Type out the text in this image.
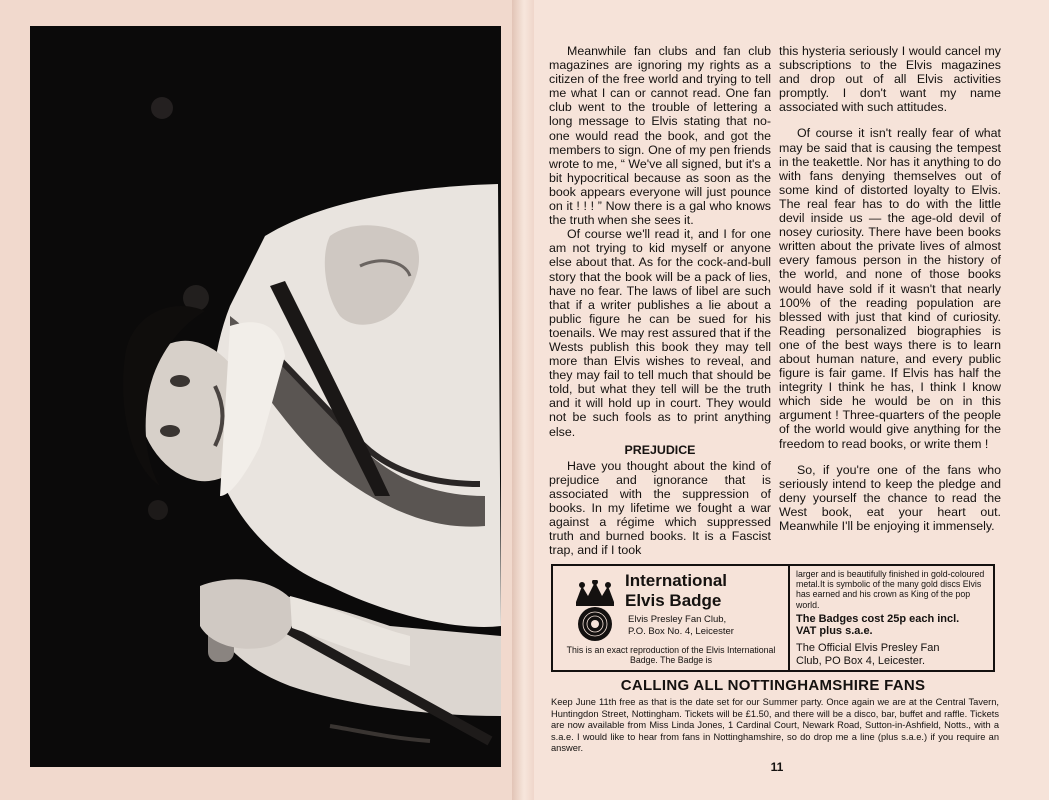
Meanwhile fan clubs and fan club magazines are ignoring my rights as a citizen of the free world and trying to tell me what I can or cannot read. One fan club went to the trouble of lettering a long message to Elvis stating that no-one would read the book, and got the members to sign. One of my pen friends wrote to me, “ We've all signed, but it's a bit hypocritical because as soon as the book appears everyone will just pounce on it ! ! ! ” Now there is a gal who knows the truth when she sees it.

Of course we'll read it, and I for one am not trying to kid myself or anyone else about that. As for the cock-and-bull story that the book will be a pack of lies, have no fear. The laws of libel are such that if a writer publishes a lie about a public figure he can be sued for his toenails. We may rest assured that if the Wests publish this book they may tell more than Elvis wishes to reveal, and they may fail to tell much that should be told, but what they tell will be the truth and it will hold up in court. They would not be such fools as to print anything else.

PREJUDICE

Have you thought about the kind of prejudice and ignorance that is associated with the suppression of books. In my lifetime we fought a war against a régime which suppressed truth and burned books. It is a Fascist trap, and if I took

this hysteria seriously I would cancel my subscriptions to the Elvis magazines and drop out of all Elvis activities promptly. I don't want my name associated with such attitudes.

Of course it isn't really fear of what may be said that is causing the tempest in the teakettle. Nor has it anything to do with fans denying themselves out of some kind of distorted loyalty to Elvis. The real fear has to do with the little devil inside us — the age-old devil of nosey curiosity. There have been books written about the private lives of almost every famous person in the history of the world, and none of those books would have sold if it wasn't that nearly 100% of the reading population are blessed with just that kind of curiosity. Reading personalized biographies is one of the best ways there is to learn about human nature, and every public figure is fair game. If Elvis has half the integrity I think he has, I think I know which side he would be on in this argument ! Three-quarters of the people of the world would give anything for the freedom to read books, or write them !

So, if you're one of the fans who seriously intend to keep the pledge and deny yourself the chance to read the West book, eat your heart out. Meanwhile I'll be enjoying it immensely.

International
Elvis Badge
Elvis Presley Fan Club,
P.O. Box No. 4, Leicester
This is an exact reproduction of the Elvis International Badge. The Badge is
larger and is beautifully finished in gold-coloured metal.It is symbolic of the many gold discs Elvis has earned and his crown as King of the pop world.
The Badges cost 25p each incl.
VAT plus s.a.e.
The Official Elvis Presley Fan
Club, PO Box 4, Leicester.
CALLING ALL NOTTINGHAMSHIRE FANS
Keep June 11th free as that is the date set for our Summer party. Once again we are at the Central Tavern, Huntingdon Street, Nottingham. Tickets will be £1.50, and there will be a disco, bar, buffet and raffle. Tickets are now available from Miss Linda Jones, 1 Cardinal Court, Newark Road, Sutton-in-Ashfield, Notts., with a s.a.e. I would like to hear from fans in Nottinghamshire, so do drop me a line (plus s.a.e.) if you require an answer.
11
